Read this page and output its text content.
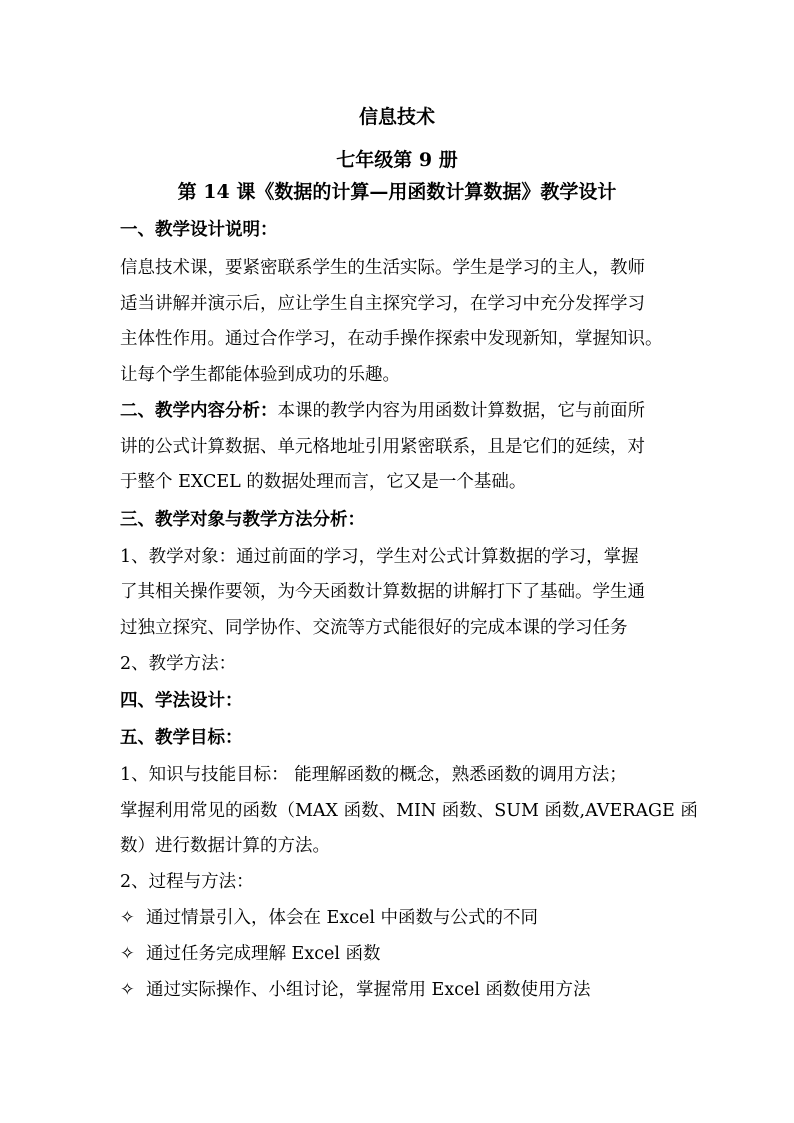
信息技术
七年级第 9 册
第 14 课《数据的计算—用函数计算数据》教学设计
一、教学设计说明：
信息技术课，要紧密联系学生的生活实际。学生是学习的主人，教师
适当讲解并演示后，应让学生自主探究学习，在学习中充分发挥学习
主体性作用。通过合作学习，在动手操作探索中发现新知，掌握知识。
让每个学生都能体验到成功的乐趣。
二、教学内容分析：本课的教学内容为用函数计算数据，它与前面所
讲的公式计算数据、单元格地址引用紧密联系，且是它们的延续，对
于整个 EXCEL 的数据处理而言，它又是一个基础。
三、教学对象与教学方法分析：
1、教学对象：通过前面的学习，学生对公式计算数据的学习，掌握
了其相关操作要领，为今天函数计算数据的讲解打下了基础。学生通
过独立探究、同学协作、交流等方式能很好的完成本课的学习任务
2、教学方法：
四、学法设计：
五、教学目标：
1、知识与技能目标： 能理解函数的概念，熟悉函数的调用方法；
掌握利用常见的函数（MAX 函数、MIN 函数、SUM 函数,AVERAGE 函
数）进行数据计算的方法。
2、过程与方法：
✧ 通过情景引入，体会在 Excel 中函数与公式的不同
✧ 通过任务完成理解 Excel 函数
✧ 通过实际操作、小组讨论，掌握常用 Excel 函数使用方法
